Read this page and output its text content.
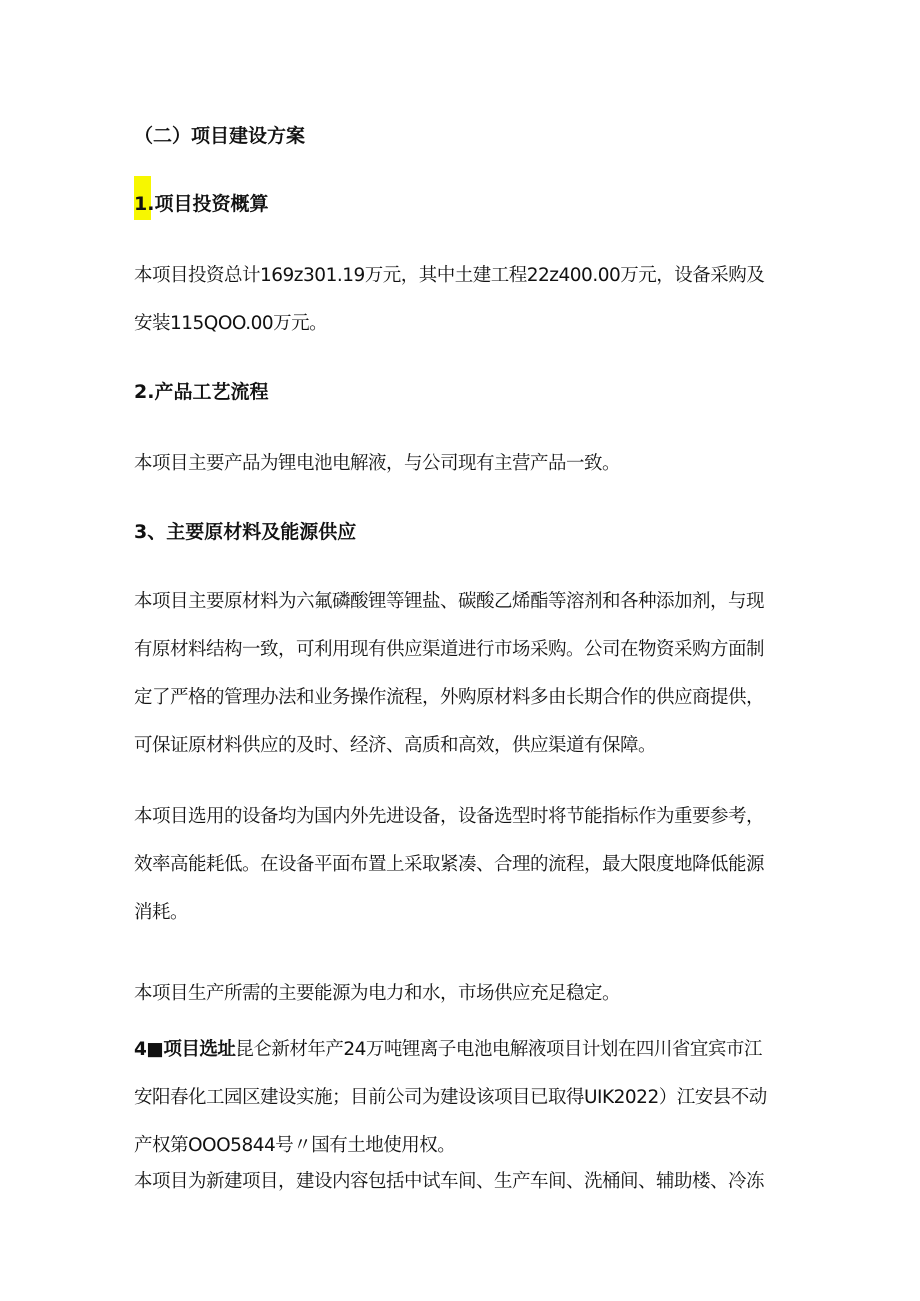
（二）项目建设方案
1.项目投资概算
本项目投资总计169z301.19万元，其中土建工程22z400.00万元，设备采购及
安装115QOO.00万元。
2.产品工艺流程
本项目主要产品为锂电池电解液，与公司现有主营产品一致。
3、主要原材料及能源供应
本项目主要原材料为六氟磷酸锂等锂盐、碳酸乙烯酯等溶剂和各种添加剂，与现
有原材料结构一致，可利用现有供应渠道进行市场采购。公司在物资采购方面制
定了严格的管理办法和业务操作流程，外购原材料多由长期合作的供应商提供，
可保证原材料供应的及时、经济、高质和高效，供应渠道有保障。
本项目选用的设备均为国内外先进设备，设备选型时将节能指标作为重要参考，
效率高能耗低。在设备平面布置上采取紧凑、合理的流程，最大限度地降低能源
消耗。
本项目生产所需的主要能源为电力和水，市场供应充足稳定。
4■项目选址昆仑新材年产24万吨锂离子电池电解液项目计划在四川省宜宾市江
安阳春化工园区建设实施；目前公司为建设该项目已取得UIK2022）江安县不动
产权第OOO5844号〃国有土地使用权。
本项目为新建项目，建设内容包括中试车间、生产车间、洗桶间、辅助楼、冷冻
